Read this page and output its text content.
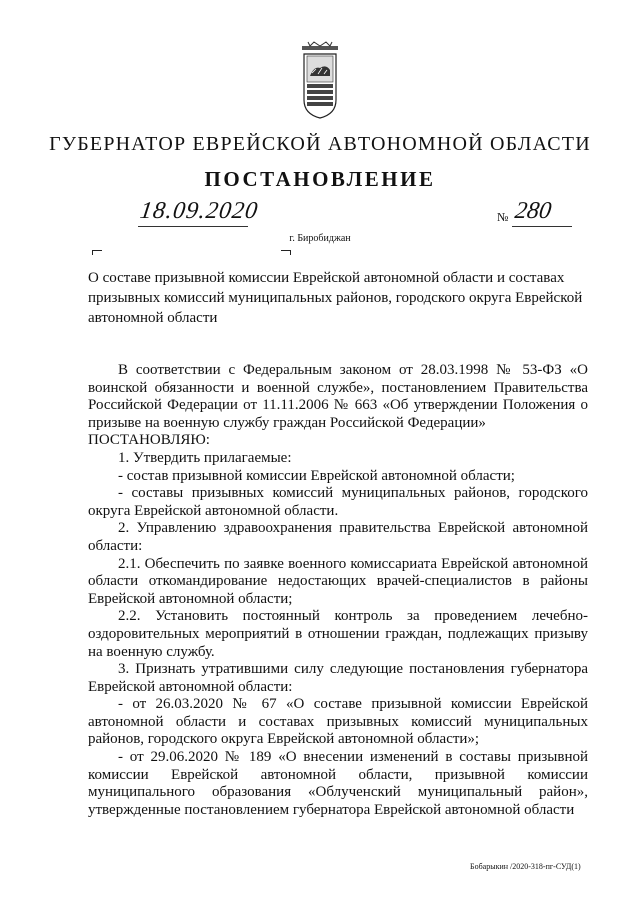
ГУБЕРНАТОР ЕВРЕЙСКОЙ АВТОНОМНОЙ ОБЛАСТИ
ПОСТАНОВЛЕНИЕ
18.09.2020	№ 280
г. Биробиджан
О составе призывной комиссии Еврейской автономной области и составах призывных комиссий муниципальных районов, городского округа Еврейской автономной области

В соответствии с Федеральным законом от 28.03.1998 № 53-ФЗ «О воинской обязанности и военной службе», постановлением Правительства Российской Федерации от 11.11.2006 № 663 «Об утверждении Положения о призыве на военную службу граждан Российской Федерации»

ПОСТАНОВЛЯЮ:

1. Утвердить прилагаемые:

- состав призывной комиссии Еврейской автономной области;

- составы призывных комиссий муниципальных районов, городского округа Еврейской автономной области.

2. Управлению здравоохранения правительства Еврейской автономной области:

2.1. Обеспечить по заявке военного комиссариата Еврейской автономной области откомандирование недостающих врачей-специалистов в районы Еврейской автономной области;

2.2. Установить постоянный контроль за проведением лечебно-оздоровительных мероприятий в отношении граждан, подлежащих призыву на военную службу.

3. Признать утратившими силу следующие постановления губернатора Еврейской автономной области:

- от 26.03.2020 № 67 «О составе призывной комиссии Еврейской автономной области и составах призывных комиссий муниципальных районов, городского округа Еврейской автономной области»;

- от 29.06.2020 № 189 «О внесении изменений в составы призывной комиссии Еврейской автономной области, призывной комиссии муниципального образования «Облученский муниципальный район», утвержденные постановлением губернатора Еврейской автономной области

Бобарыкин /2020-318-пг-СУД(1)
